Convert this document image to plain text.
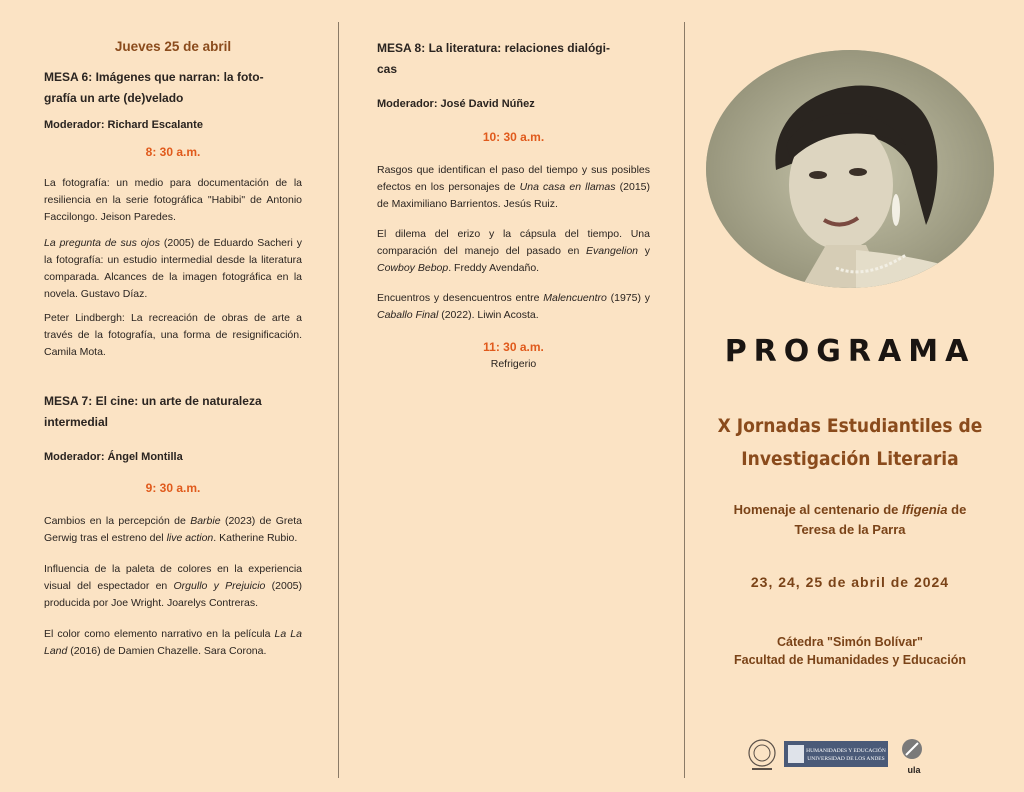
Jueves 25 de abril
MESA 6: Imágenes que narran: la foto-
grafía un arte (de)velado
Moderador: Richard Escalante
8: 30 a.m.
La fotografía: un medio para documentación de la resiliencia en la serie fotográfica "Habibi" de Antonio Faccilongo. Jeison Paredes.
La pregunta de sus ojos (2005) de Eduardo Sacheri y la fotografía: un estudio intermedial desde la literatura comparada. Alcances de la imagen fotográfica en la novela. Gustavo Díaz.
Peter Lindbergh: La recreación de obras de arte a través de la fotografía, una forma de resignificación. Camila Mota.
MESA 7: El cine: un arte de naturaleza
intermedial
Moderador: Ángel Montilla
9: 30 a.m.
Cambios en la percepción de Barbie (2023) de Greta Gerwig tras el estreno del live action. Katherine Rubio.
Influencia de la paleta de colores en la experiencia visual del espectador en Orgullo y Prejuicio (2005) producida por Joe Wright. Joarelys Contreras.
El color como elemento narrativo en la película La La Land (2016) de Damien Chazelle. Sara Corona.
MESA 8: La literatura: relaciones dialógi-
cas
Moderador: José David Núñez
10: 30 a.m.
Rasgos que identifican el paso del tiempo y sus posibles efectos en los personajes de Una casa en llamas (2015) de Maximiliano Barrientos. Jesús Ruiz.
El dilema del erizo y la cápsula del tiempo. Una comparación del manejo del pasado en Evangelion y Cowboy Bebop. Freddy Avendaño.
Encuentros y desencuentros entre Malencuentro (1975) y Caballo Final (2022). Liwin Acosta.
11: 30 a.m.
Refrigerio	PROGRAMA
X Jornadas Estudiantiles de
Investigación Literaria
Homenaje al centenario de Ifigenia de
Teresa de la Parra
23, 24, 25 de abril de 2024
Cátedra "Simón Bolívar"
Facultad de Humanidades y Educación
HUMANIDADES Y EDUCACIÓN
UNIVERSIDAD DE LOS ANDES
ula
